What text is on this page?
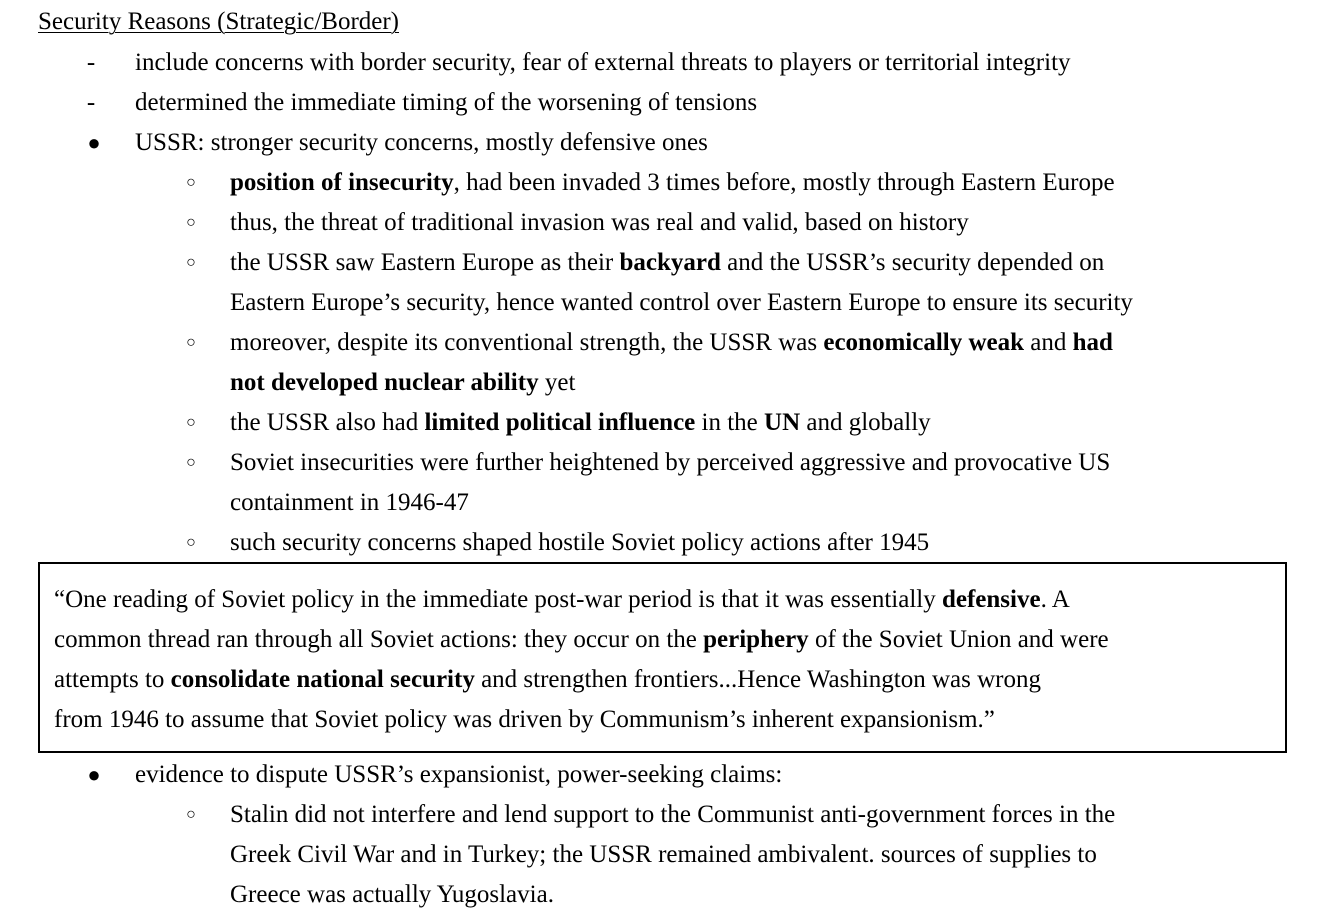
Security Reasons (Strategic/Border)
- include concerns with border security, fear of external threats to players or territorial integrity
- determined the immediate timing of the worsening of tensions
● USSR: stronger security concerns, mostly defensive ones
○ position of insecurity, had been invaded 3 times before, mostly through Eastern Europe
○ thus, the threat of traditional invasion was real and valid, based on history
○ the USSR saw Eastern Europe as their backyard and the USSR’s security depended on
Eastern Europe’s security, hence wanted control over Eastern Europe to ensure its security
○ moreover, despite its conventional strength, the USSR was economically weak and had
not developed nuclear ability yet
○ the USSR also had limited political influence in the UN and globally
○ Soviet insecurities were further heightened by perceived aggressive and provocative US
containment in 1946-47
○ such security concerns shaped hostile Soviet policy actions after 1945
“One reading of Soviet policy in the immediate post-war period is that it was essentially defensive. A
common thread ran through all Soviet actions: they occur on the periphery of the Soviet Union and were
attempts to consolidate national security and strengthen frontiers...Hence Washington was wrong
from 1946 to assume that Soviet policy was driven by Communism’s inherent expansionism.”
● evidence to dispute USSR’s expansionist, power-seeking claims:
○ Stalin did not interfere and lend support to the Communist anti-government forces in the
Greek Civil War and in Turkey; the USSR remained ambivalent. sources of supplies to
Greece was actually Yugoslavia.
